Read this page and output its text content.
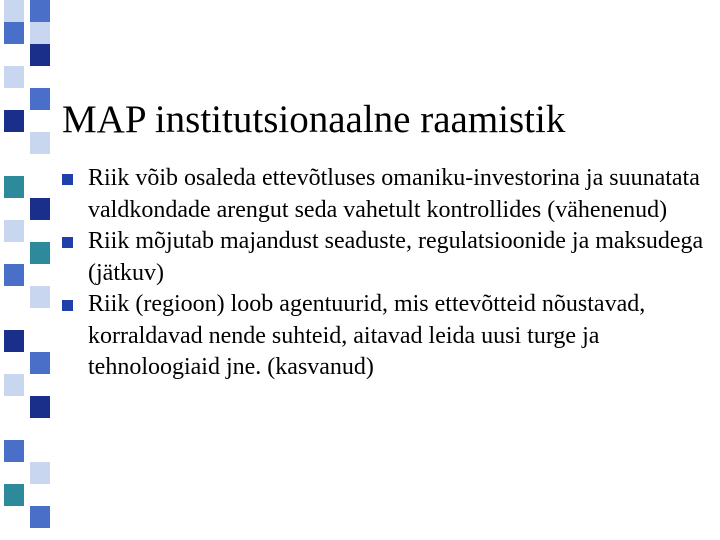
MAP institutsionaalne raamistik
Riik võib osaleda ettevõtluses omaniku-investorina ja suunatata valdkondade arengut seda vahetult kontrollides (vähenenud)
Riik mõjutab majandust seaduste, regulatsioonide ja maksudega (jätkuv)
Riik (regioon) loob agentuurid, mis ettevõtteid nõustavad, korraldavad nende suhteid, aitavad leida uusi turge ja tehnoloogiaid jne. (kasvanud)
